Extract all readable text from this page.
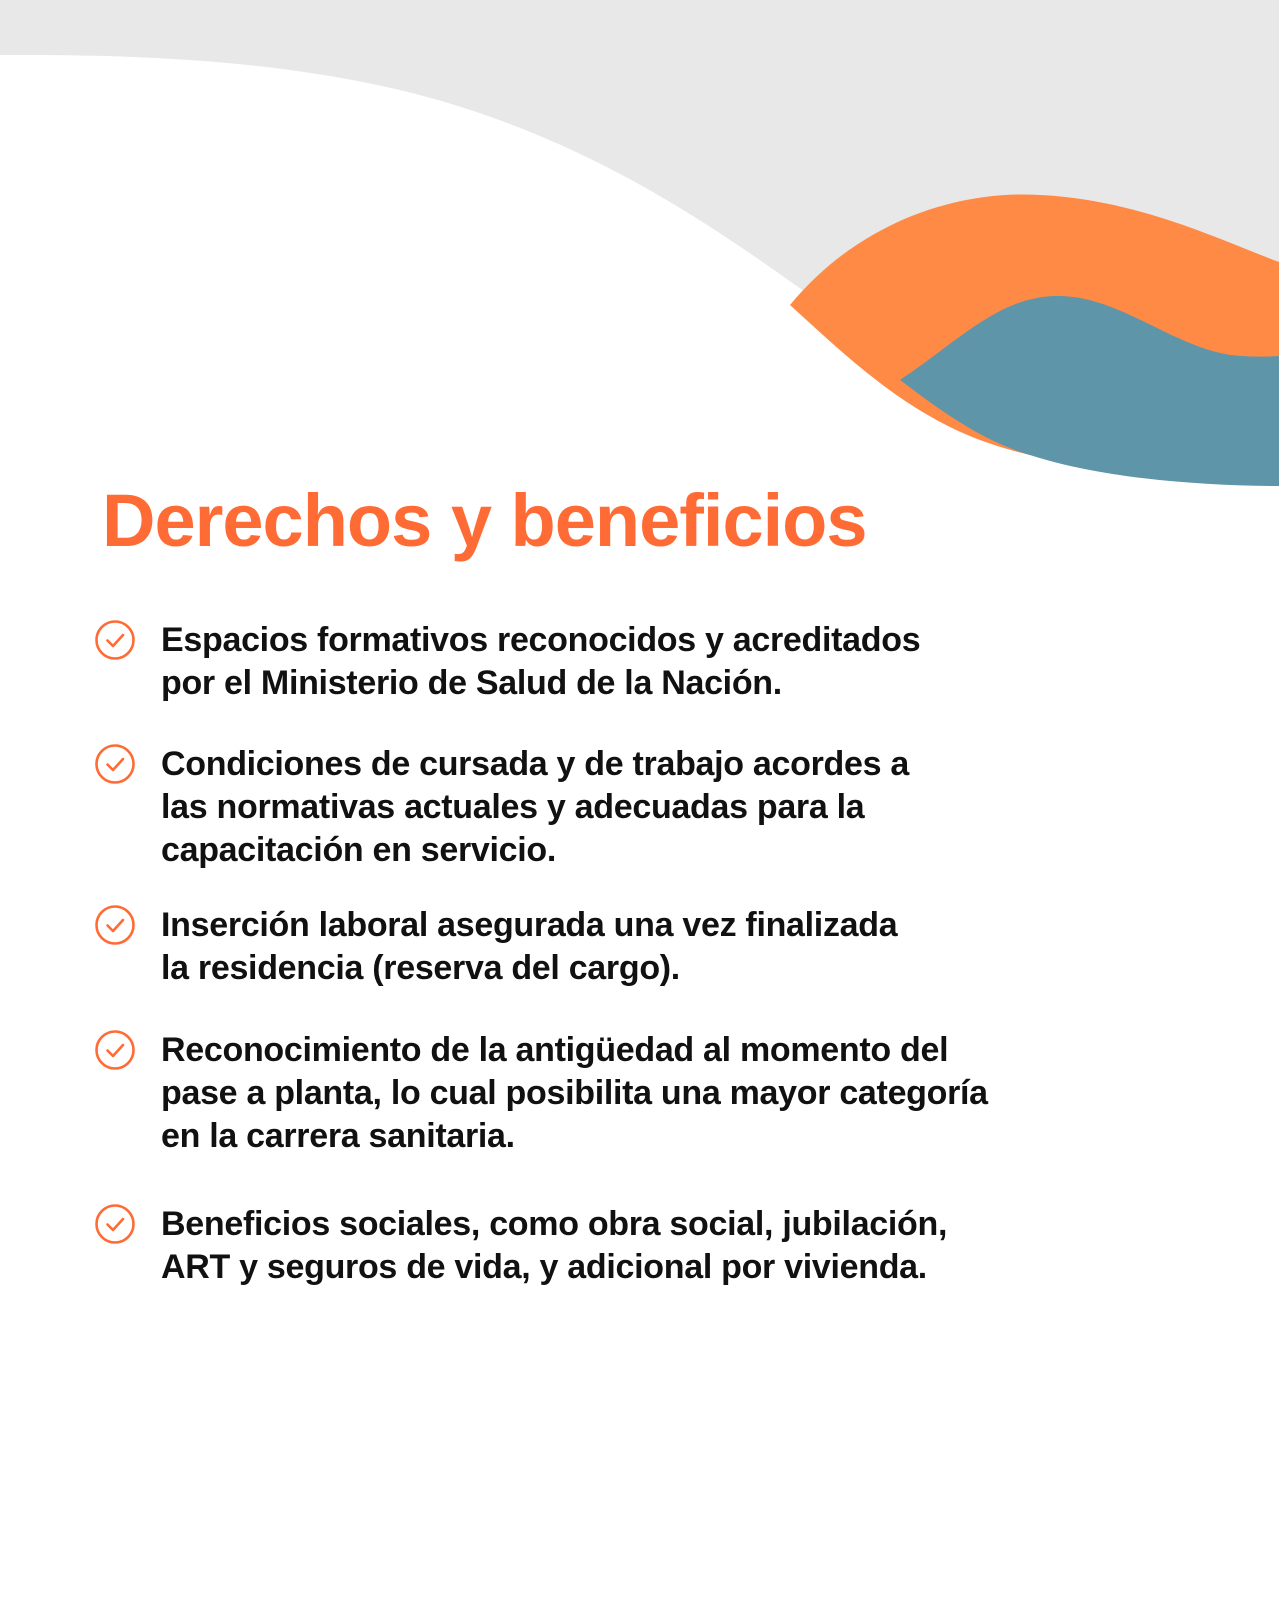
Derechos y beneficios
Espacios formativos reconocidos y acreditados
por el Ministerio de Salud de la Nación.
Condiciones de cursada y de trabajo acordes a
las normativas actuales y adecuadas para la
capacitación en servicio.
Inserción laboral asegurada una vez finalizada
la residencia (reserva del cargo).
Reconocimiento de la antigüedad al momento del
pase a planta, lo cual posibilita una mayor categoría
en la carrera sanitaria.
Beneficios sociales, como obra social, jubilación,
ART y seguros de vida, y adicional por vivienda.
